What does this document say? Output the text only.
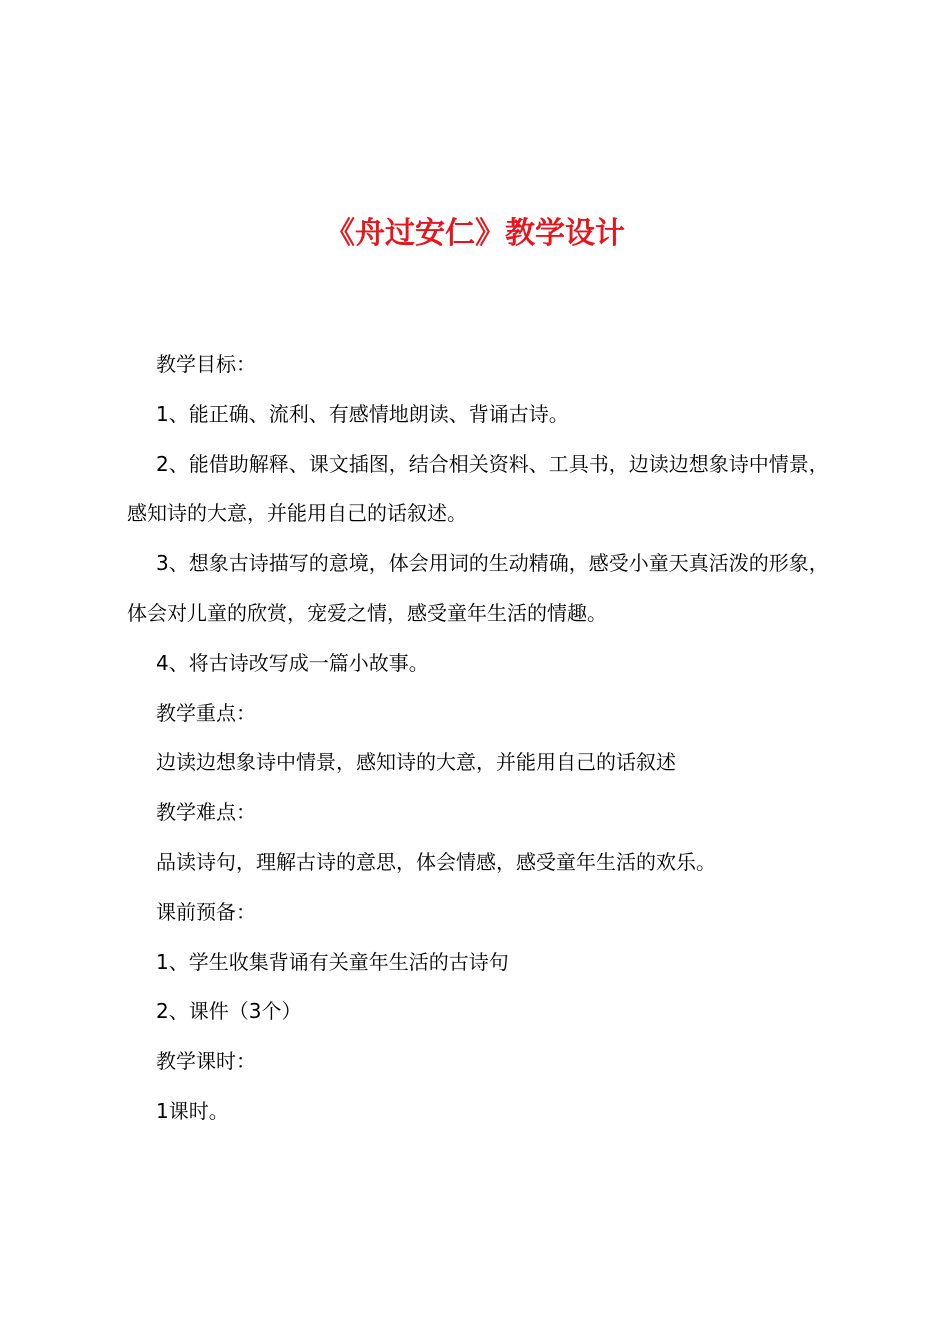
《舟过安仁》教学设计

教学目标：

1、能正确、流利、有感情地朗读、背诵古诗。

2、能借助解释、课文插图，结合相关资料、工具书，边读边想象诗中情景，感知诗的大意，并能用自己的话叙述。

3、想象古诗描写的意境，体会用词的生动精确，感受小童天真活泼的形象，体会对儿童的欣赏，宠爱之情，感受童年生活的情趣。

4、将古诗改写成一篇小故事。

教学重点：

边读边想象诗中情景，感知诗的大意，并能用自己的话叙述

教学难点：

品读诗句，理解古诗的意思，体会情感，感受童年生活的欢乐。

课前预备：

1、学生收集背诵有关童年生活的古诗句

2、课件（3个）

教学课时：

1课时。
